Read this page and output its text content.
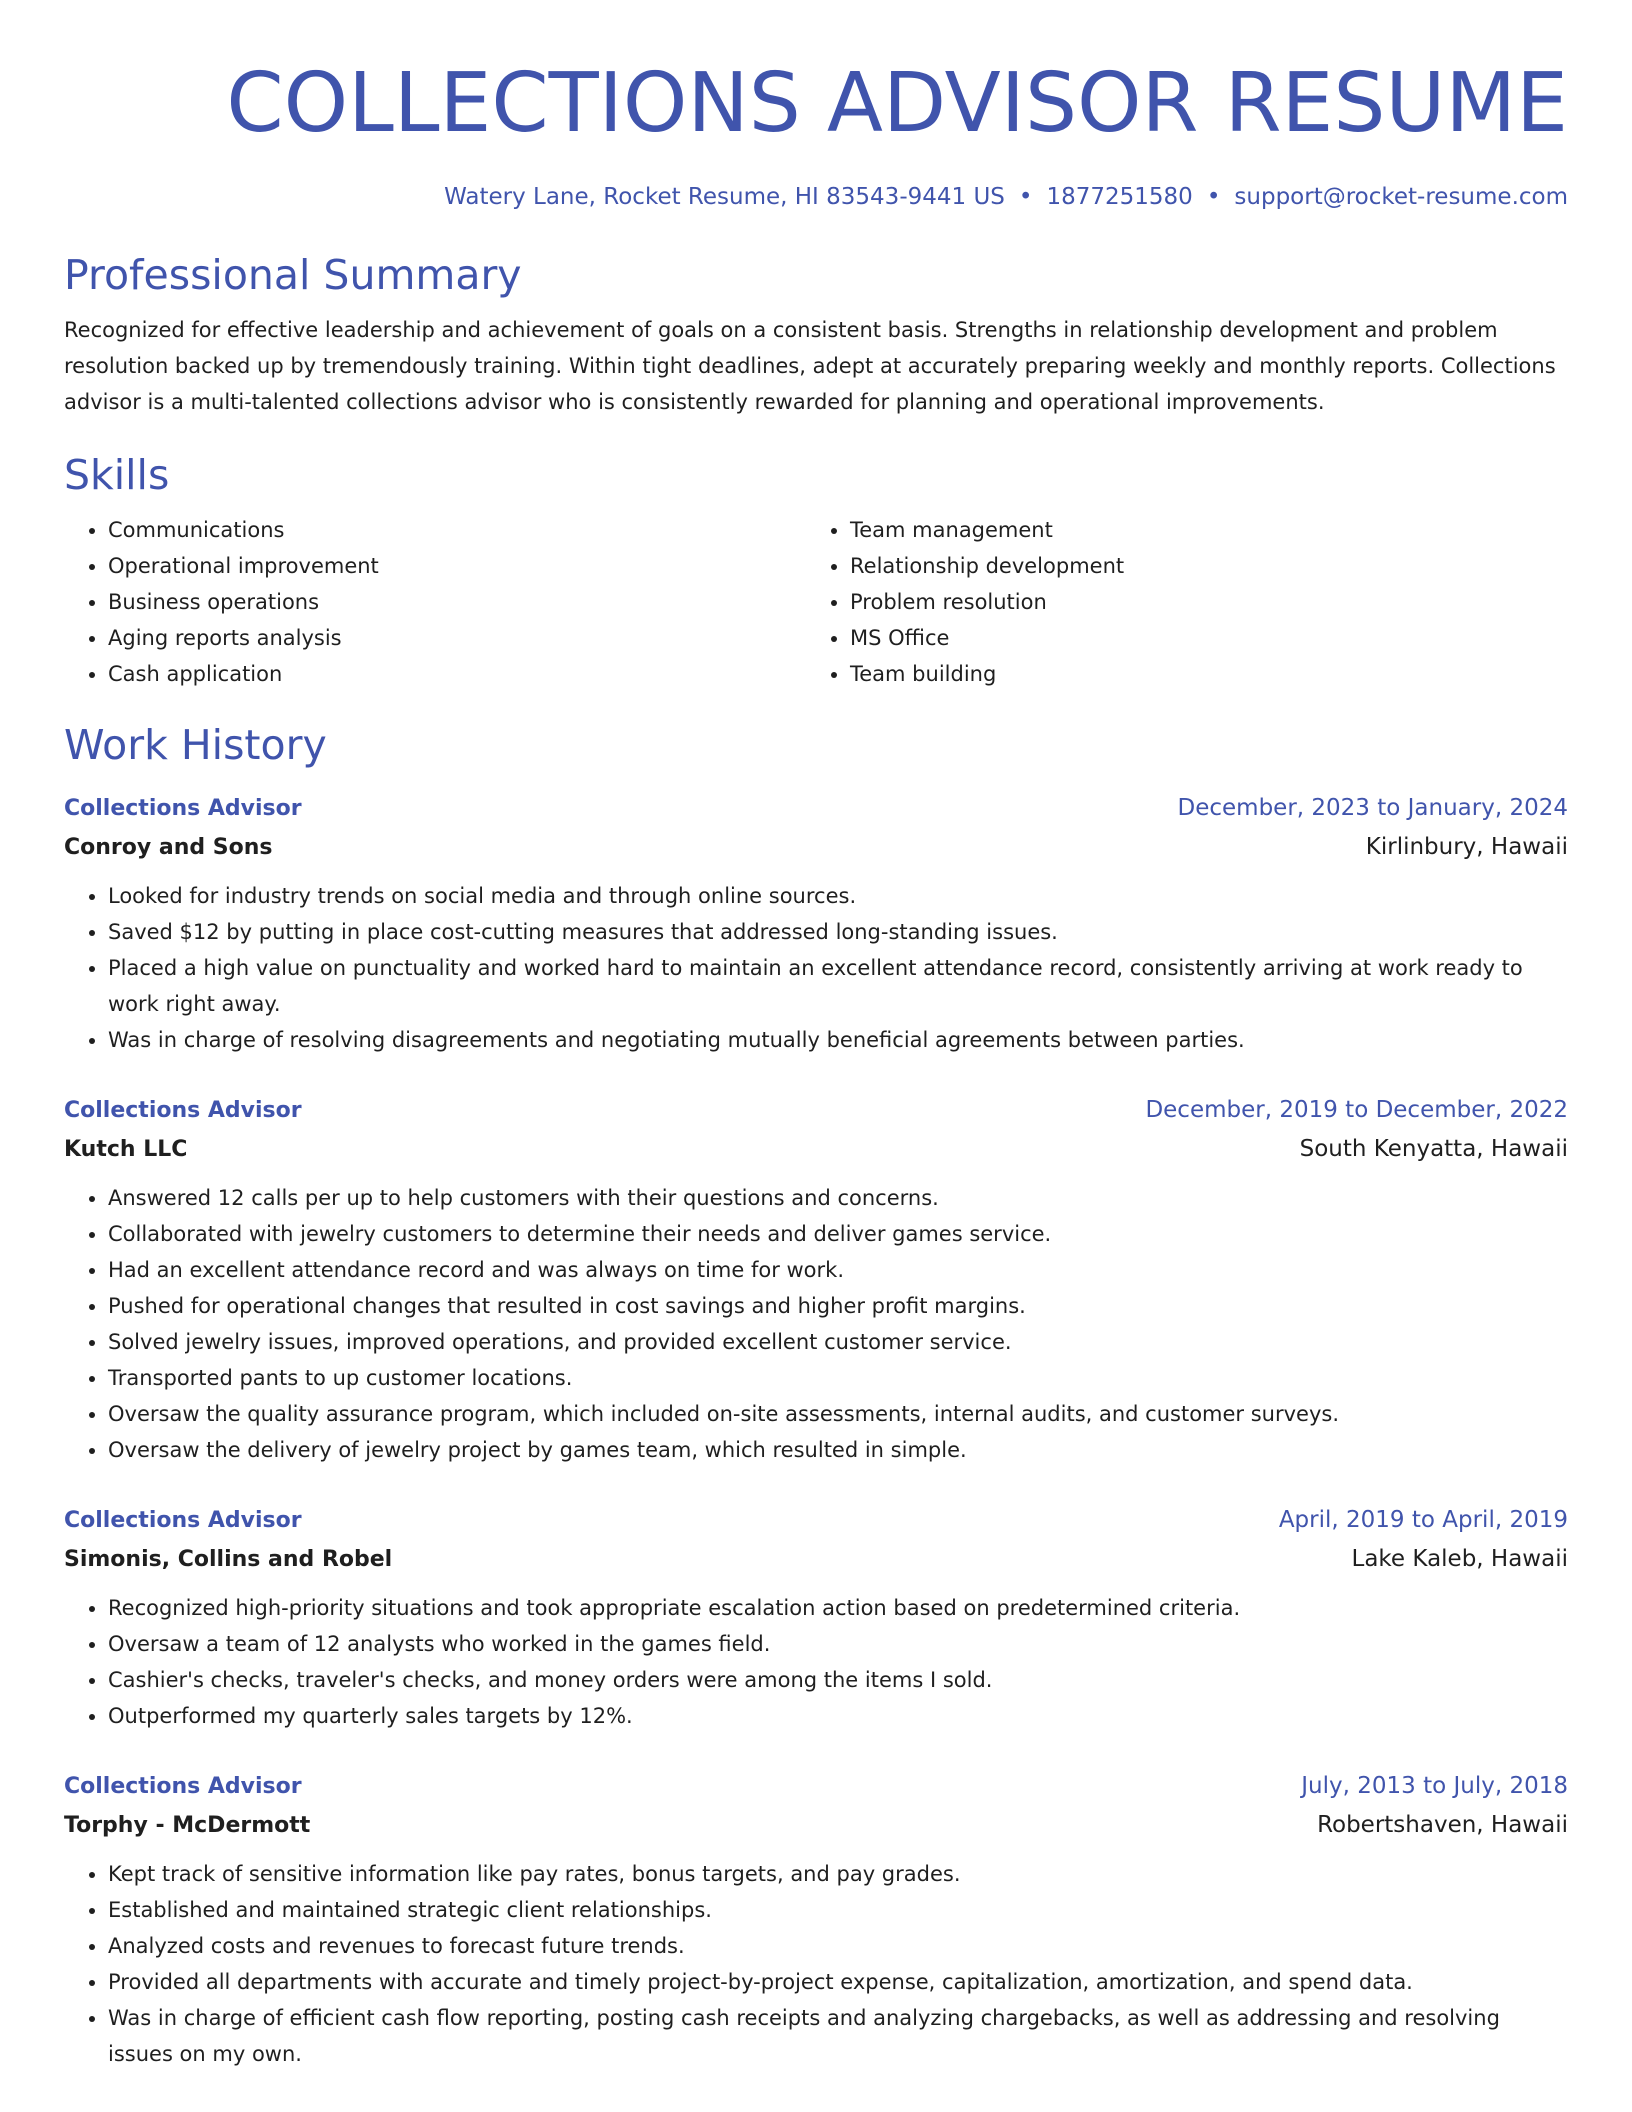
COLLECTIONS ADVISOR RESUME
Watery Lane, Rocket Resume, HI 83543-9441 US • 1877251580 • support@rocket-resume.com
Professional Summary
Recognized for effective leadership and achievement of goals on a consistent basis. Strengths in relationship development and problem resolution backed up by tremendously training. Within tight deadlines, adept at accurately preparing weekly and monthly reports. Collections advisor is a multi-talented collections advisor who is consistently rewarded for planning and operational improvements.
Skills
• Communications
• Operational improvement
• Business operations
• Aging reports analysis
• Cash application
• Team management
• Relationship development
• Problem resolution
• MS Office
• Team building
Work History
Collections Advisor	December, 2023 to January, 2024
Conroy and Sons	Kirlinbury, Hawaii
• Looked for industry trends on social media and through online sources.
• Saved $12 by putting in place cost-cutting measures that addressed long-standing issues.
• Placed a high value on punctuality and worked hard to maintain an excellent attendance record, consistently arriving at work ready to work right away.
• Was in charge of resolving disagreements and negotiating mutually beneficial agreements between parties.
Collections Advisor	December, 2019 to December, 2022
Kutch LLC	South Kenyatta, Hawaii
• Answered 12 calls per up to help customers with their questions and concerns.
• Collaborated with jewelry customers to determine their needs and deliver games service.
• Had an excellent attendance record and was always on time for work.
• Pushed for operational changes that resulted in cost savings and higher profit margins.
• Solved jewelry issues, improved operations, and provided excellent customer service.
• Transported pants to up customer locations.
• Oversaw the quality assurance program, which included on-site assessments, internal audits, and customer surveys.
• Oversaw the delivery of jewelry project by games team, which resulted in simple.
Collections Advisor	April, 2019 to April, 2019
Simonis, Collins and Robel	Lake Kaleb, Hawaii
• Recognized high-priority situations and took appropriate escalation action based on predetermined criteria.
• Oversaw a team of 12 analysts who worked in the games field.
• Cashier's checks, traveler's checks, and money orders were among the items I sold.
• Outperformed my quarterly sales targets by 12%.
Collections Advisor	July, 2013 to July, 2018
Torphy - McDermott	Robertshaven, Hawaii
• Kept track of sensitive information like pay rates, bonus targets, and pay grades.
• Established and maintained strategic client relationships.
• Analyzed costs and revenues to forecast future trends.
• Provided all departments with accurate and timely project-by-project expense, capitalization, amortization, and spend data.
• Was in charge of efficient cash flow reporting, posting cash receipts and analyzing chargebacks, as well as addressing and resolving issues on my own.
